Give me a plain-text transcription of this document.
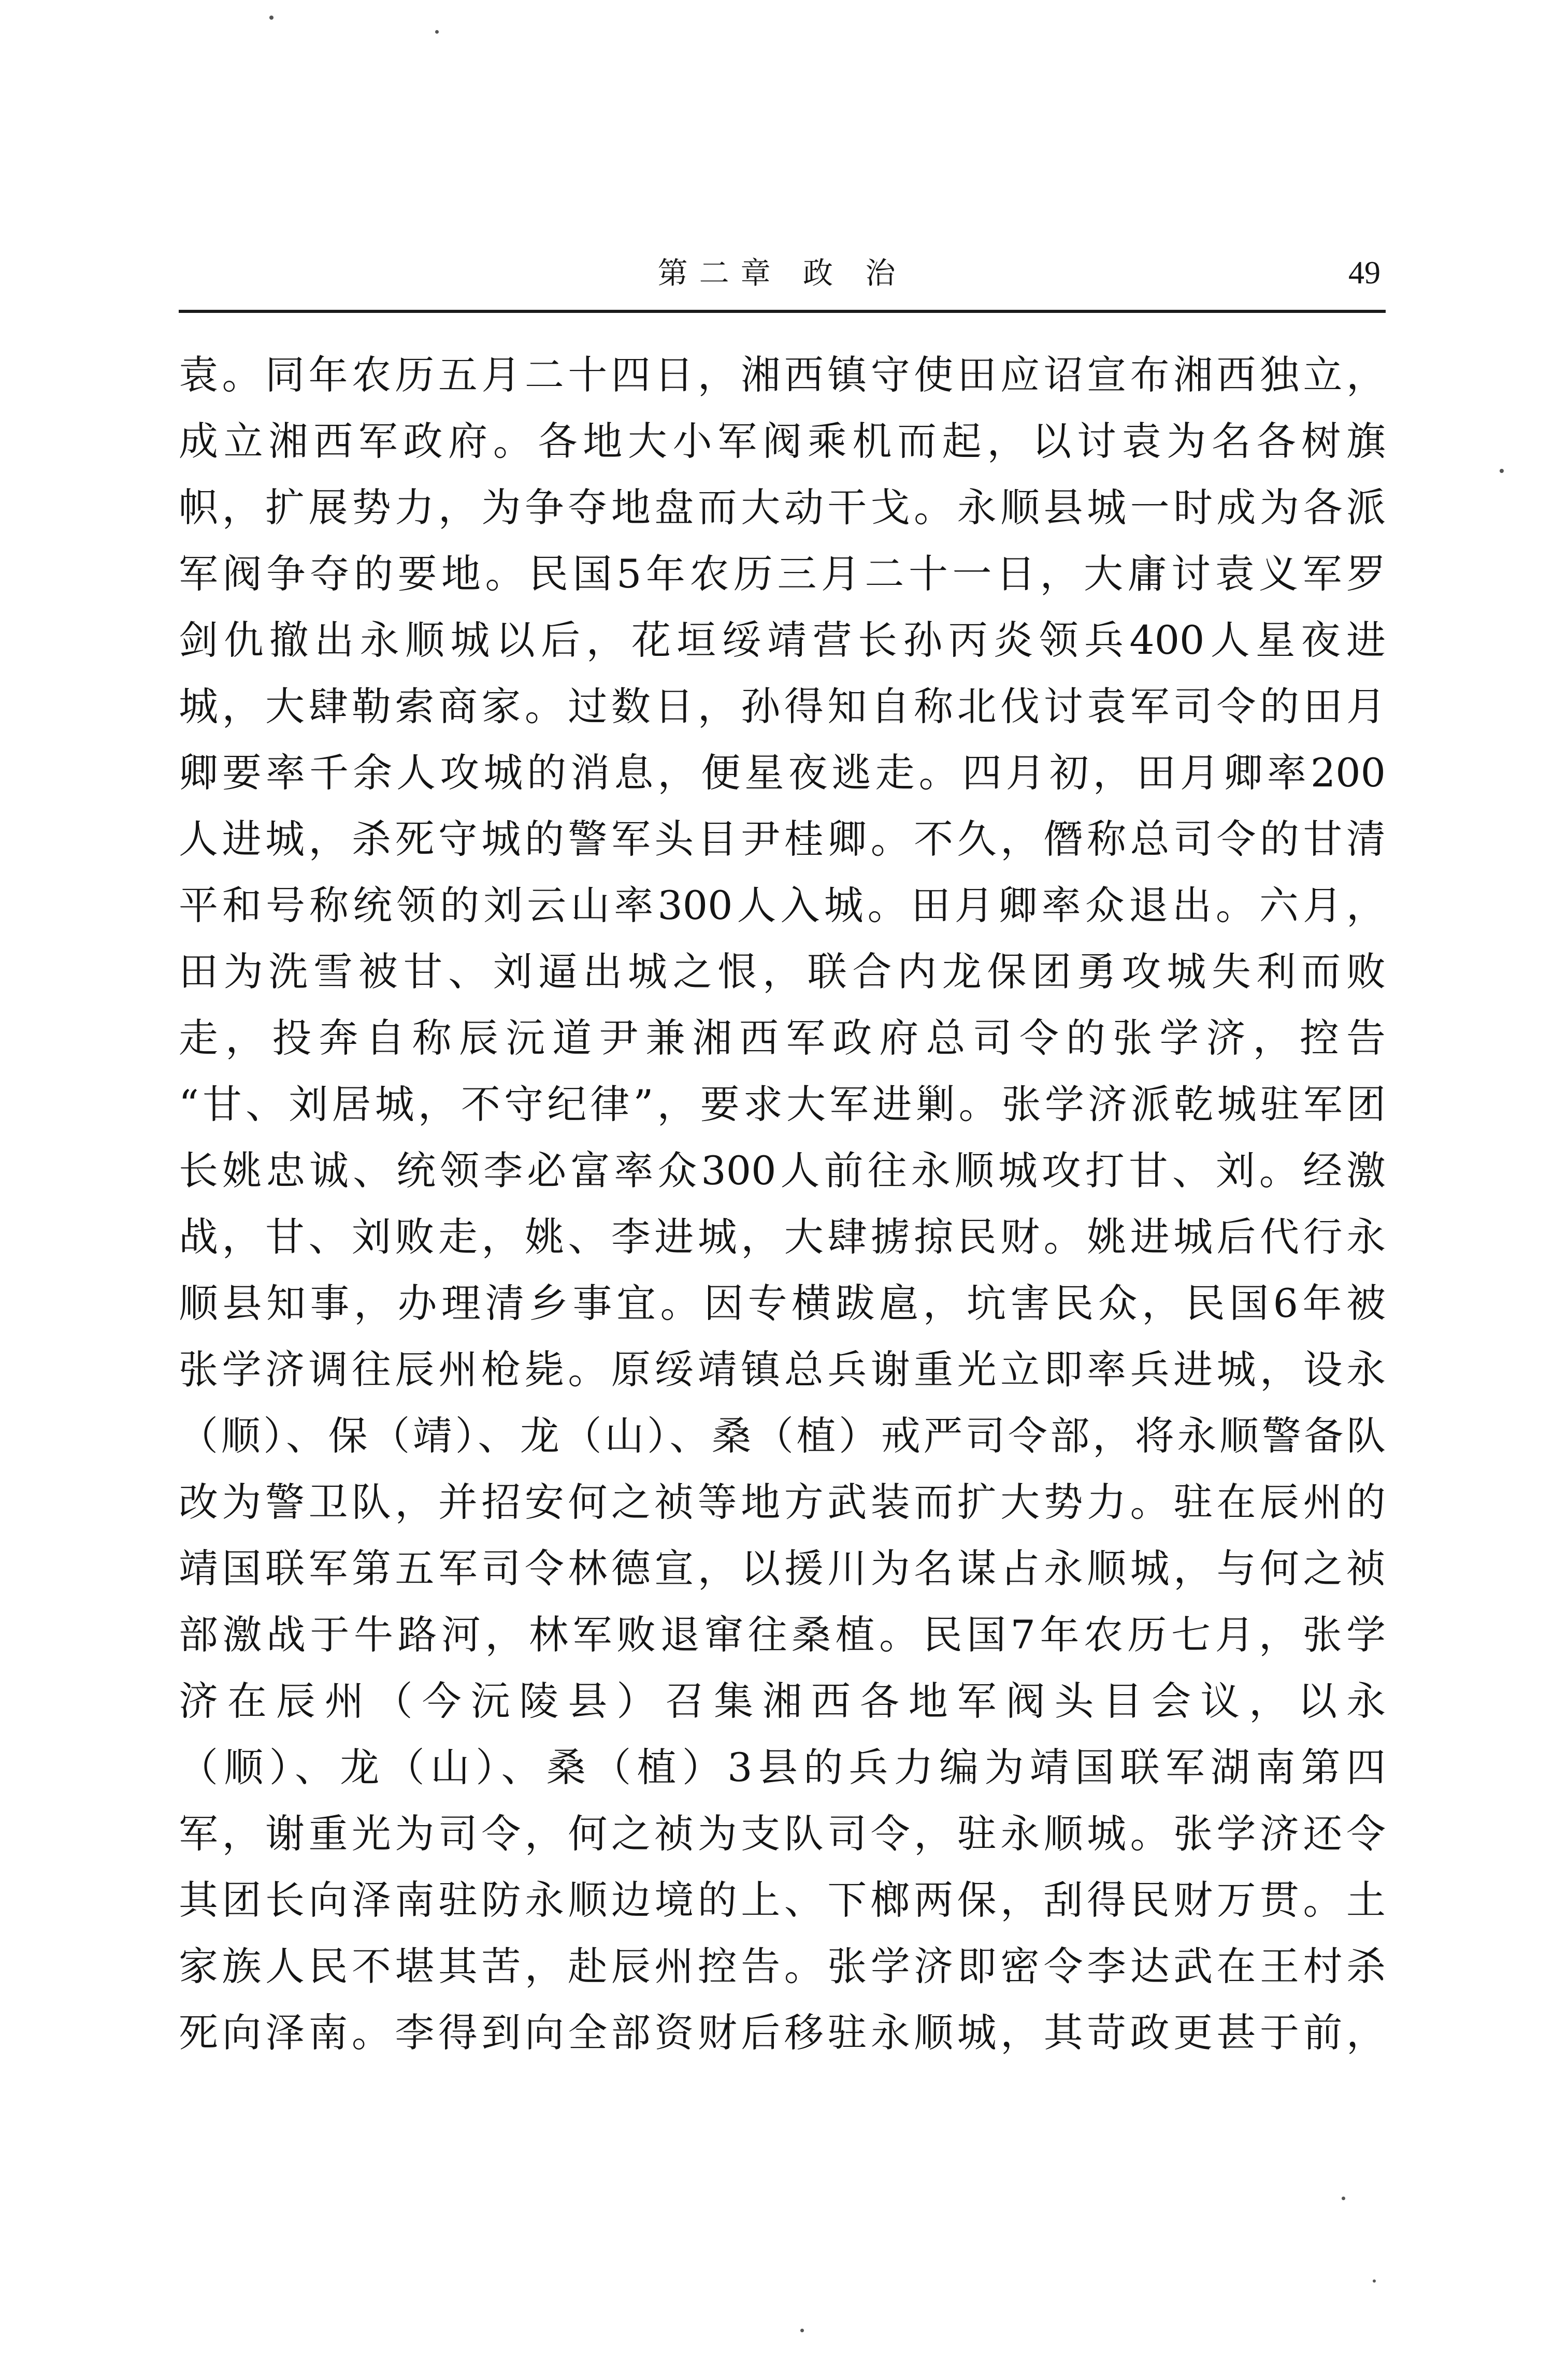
第二章 政 治	49
袁。同年农历五月二十四日，湘西镇守使田应诏宣布湘西独立，
成立湘西军政府。各地大小军阀乘机而起，以讨袁为名各树旗
帜，扩展势力，为争夺地盘而大动干戈。永顺县城一时成为各派
军阀争夺的要地。民国5年农历三月二十一日，大庸讨袁义军罗
剑仇撤出永顺城以后，花垣绥靖营长孙丙炎领兵400人星夜进
城，大肆勒索商家。过数日，孙得知自称北伐讨袁军司令的田月
卿要率千余人攻城的消息，便星夜逃走。四月初，田月卿率200
人进城，杀死守城的警军头目尹桂卿。不久，僭称总司令的甘清
平和号称统领的刘云山率300人入城。田月卿率众退出。六月，
田为洗雪被甘、刘逼出城之恨，联合内龙保团勇攻城失利而败
走，投奔自称辰沅道尹兼湘西军政府总司令的张学济，控告
“甘、刘居城，不守纪律”，要求大军进剿。张学济派乾城驻军团
长姚忠诚、统领李必富率众300人前往永顺城攻打甘、刘。经激
战，甘、刘败走，姚、李进城，大肆掳掠民财。姚进城后代行永
顺县知事，办理清乡事宜。因专横跋扈，坑害民众，民国6年被
张学济调往辰州枪毙。原绥靖镇总兵谢重光立即率兵进城，设永
（顺）、保（靖）、龙（山）、桑（植）戒严司令部，将永顺警备队
改为警卫队，并招安何之祯等地方武装而扩大势力。驻在辰州的
靖国联军第五军司令林德宣，以援川为名谋占永顺城，与何之祯
部激战于牛路河，林军败退窜往桑植。民国7年农历七月，张学
济在辰州（今沅陵县）召集湘西各地军阀头目会议，以永
（顺）、龙（山）、桑（植）3县的兵力编为靖国联军湖南第四
军，谢重光为司令，何之祯为支队司令，驻永顺城。张学济还令
其团长向泽南驻防永顺边境的上、下榔两保，刮得民财万贯。土
家族人民不堪其苦，赴辰州控告。张学济即密令李达武在王村杀
死向泽南。李得到向全部资财后移驻永顺城，其苛政更甚于前，
